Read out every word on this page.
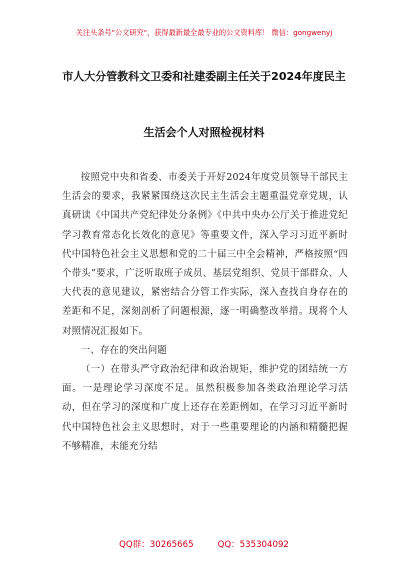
关注头条号"公文研究"，获得最新最全最专业的公文资料库！ 微信：gongwenyj
市人大分管教科文卫委和社建委副主任关于2024年度民主
生活会个人对照检视材料

按照党中央和省委、市委关于开好2024年度党员领导干部民主生活会的要求，我紧紧围绕这次民主生活会主题重温党章党规，认真研读《中国共产党纪律处分条例》《中共中央办公厅关于推进党纪学习教育常态化长效化的意见》等重要文件，深入学习习近平新时代中国特色社会主义思想和党的二十届三中全会精神，严格按照“四个带头”要求，广泛听取班子成员、基层党组织、党员干部群众、人大代表的意见建议，紧密结合分管工作实际，深入查找自身存在的差距和不足，深刻剖析了问题根源，逐一明确整改举措。现将个人对照情况汇报如下。

一、存在的突出问题

（一）在带头严守政治纪律和政治规矩，维护党的团结统一方面。一是理论学习深度不足。虽然积极参加各类政治理论学习活动，但在学习的深度和广度上还存在差距例如，在学习习近平新时代中国特色社会主义思想时，对于一些重要理论的内涵和精髓把握不够精准，未能充分结

QQ群：30265665	QQ：535304092
